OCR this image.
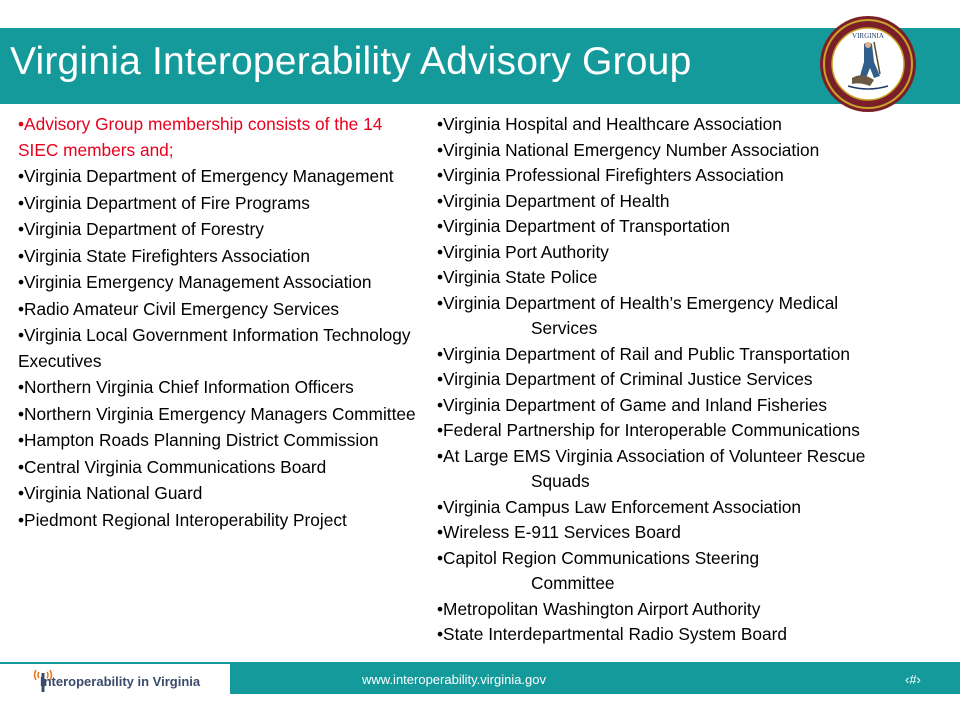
Virginia Interoperability Advisory Group
VIRGINIA
•Advisory Group membership consists of the 14 SIEC members and;
•Virginia Department of Emergency Management
•Virginia Department of Fire Programs
•Virginia Department of Forestry
•Virginia State Firefighters Association
•Virginia Emergency Management Association
•Radio Amateur Civil Emergency Services
•Virginia Local Government Information Technology Executives
•Northern Virginia Chief Information Officers
•Northern Virginia Emergency Managers Committee
•Hampton Roads Planning District Commission
•Central Virginia Communications Board
•Virginia National Guard
•Piedmont Regional Interoperability Project
•Virginia Hospital and Healthcare Association
•Virginia National Emergency Number Association
•Virginia Professional Firefighters Association
•Virginia Department of Health
•Virginia Department of Transportation
•Virginia Port Authority
•Virginia State Police
•Virginia Department of Health’s Emergency Medical
Services
•Virginia Department of Rail and Public Transportation
•Virginia Department of Criminal Justice Services
•Virginia Department of Game and Inland Fisheries
•Federal Partnership for Interoperable Communications
•At Large EMS Virginia Association of Volunteer Rescue
Squads
•Virginia Campus Law Enforcement Association
•Wireless E-911 Services Board
•Capitol Region Communications Steering
Committee
•Metropolitan Washington Airport Authority
•State Interdepartmental Radio System Board
Interoperability in Virginia	www.interoperability.virginia.gov	‹#›
